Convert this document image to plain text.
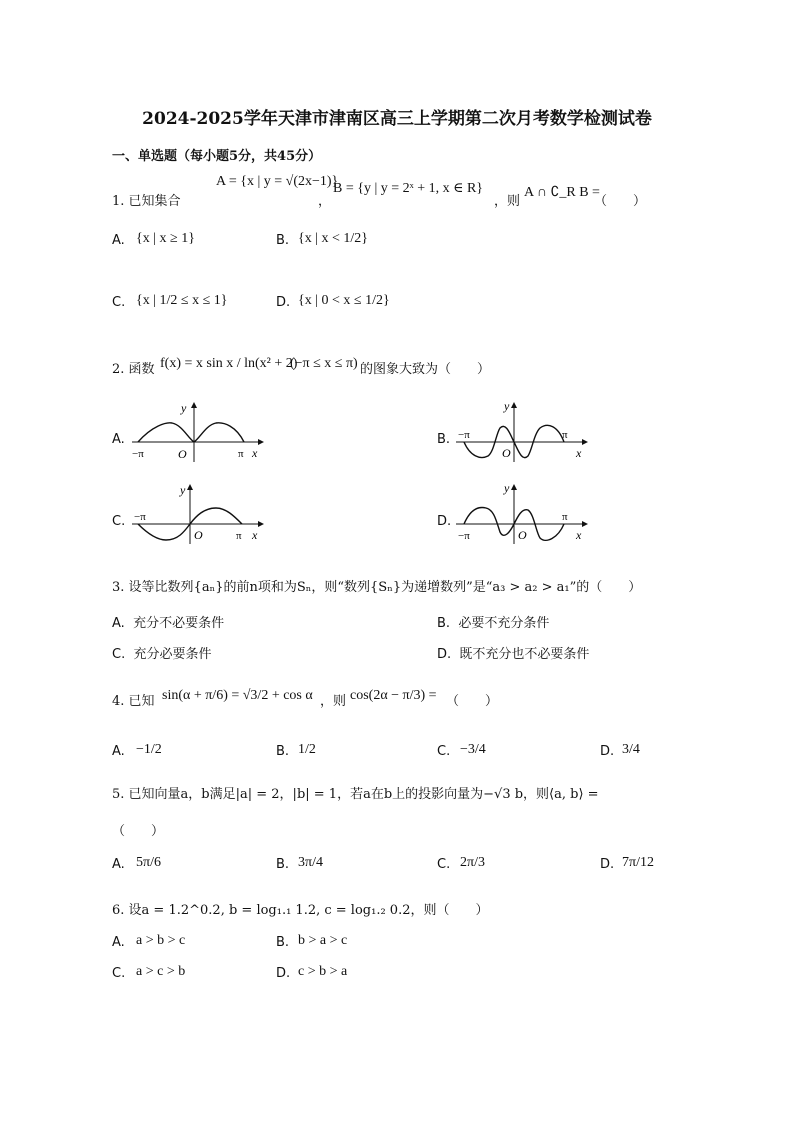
2024-2025学年天津市津南区高三上学期第二次月考数学检测试卷
一、单选题（每小题5分，共45分）
1. 已知集合
A = {x | y = √(2x−1)}
，
B = {y | y = 2ˣ + 1, x ∈ R}
，则
A ∩ ∁_R B =
（　　）
A. {x | x ≥ 1}	B. {x | x < 1/2}
C. {x | 1/2 ≤ x ≤ 1}	D. {x | 0 < x ≤ 1/2}
2. 函数 f(x) = x sin x / ln(x² + 2)
(−π ≤ x ≤ π) 的图象大致为（　　）
A.
y
x
O
−π	π
B.
y
x
O
−π	π
C.
y
x
O
−π
π
D.
y
x
O
−π
π
3. 设等比数列{aₙ}的前n项和为Sₙ，则“数列{Sₙ}为递增数列”是“a₃ > a₂ > a₁”的（　　）
A. 充分不必要条件	B. 必要不充分条件
C. 充分必要条件	D. 既不充分也不必要条件
4. 已知 sin(α + π/6) = √3/2 + cos α ，则 cos(2α − π/3) = （　　）
A. −1/2	B. 1/2	C. −3/4	D. 3/4
5. 已知向量a，b满足|a| = 2，|b| = 1，若a在b上的投影向量为−√3 b，则⟨a, b⟩ =
（　　）
A. 5π/6	B. 3π/4	C. 2π/3	D. 7π/12
6. 设a = 1.2^0.2, b = log₁.₁ 1.2, c = log₁.₂ 0.2，则（　　）
A. a > b > c	B. b > a > c
C. a > c > b	D. c > b > a
